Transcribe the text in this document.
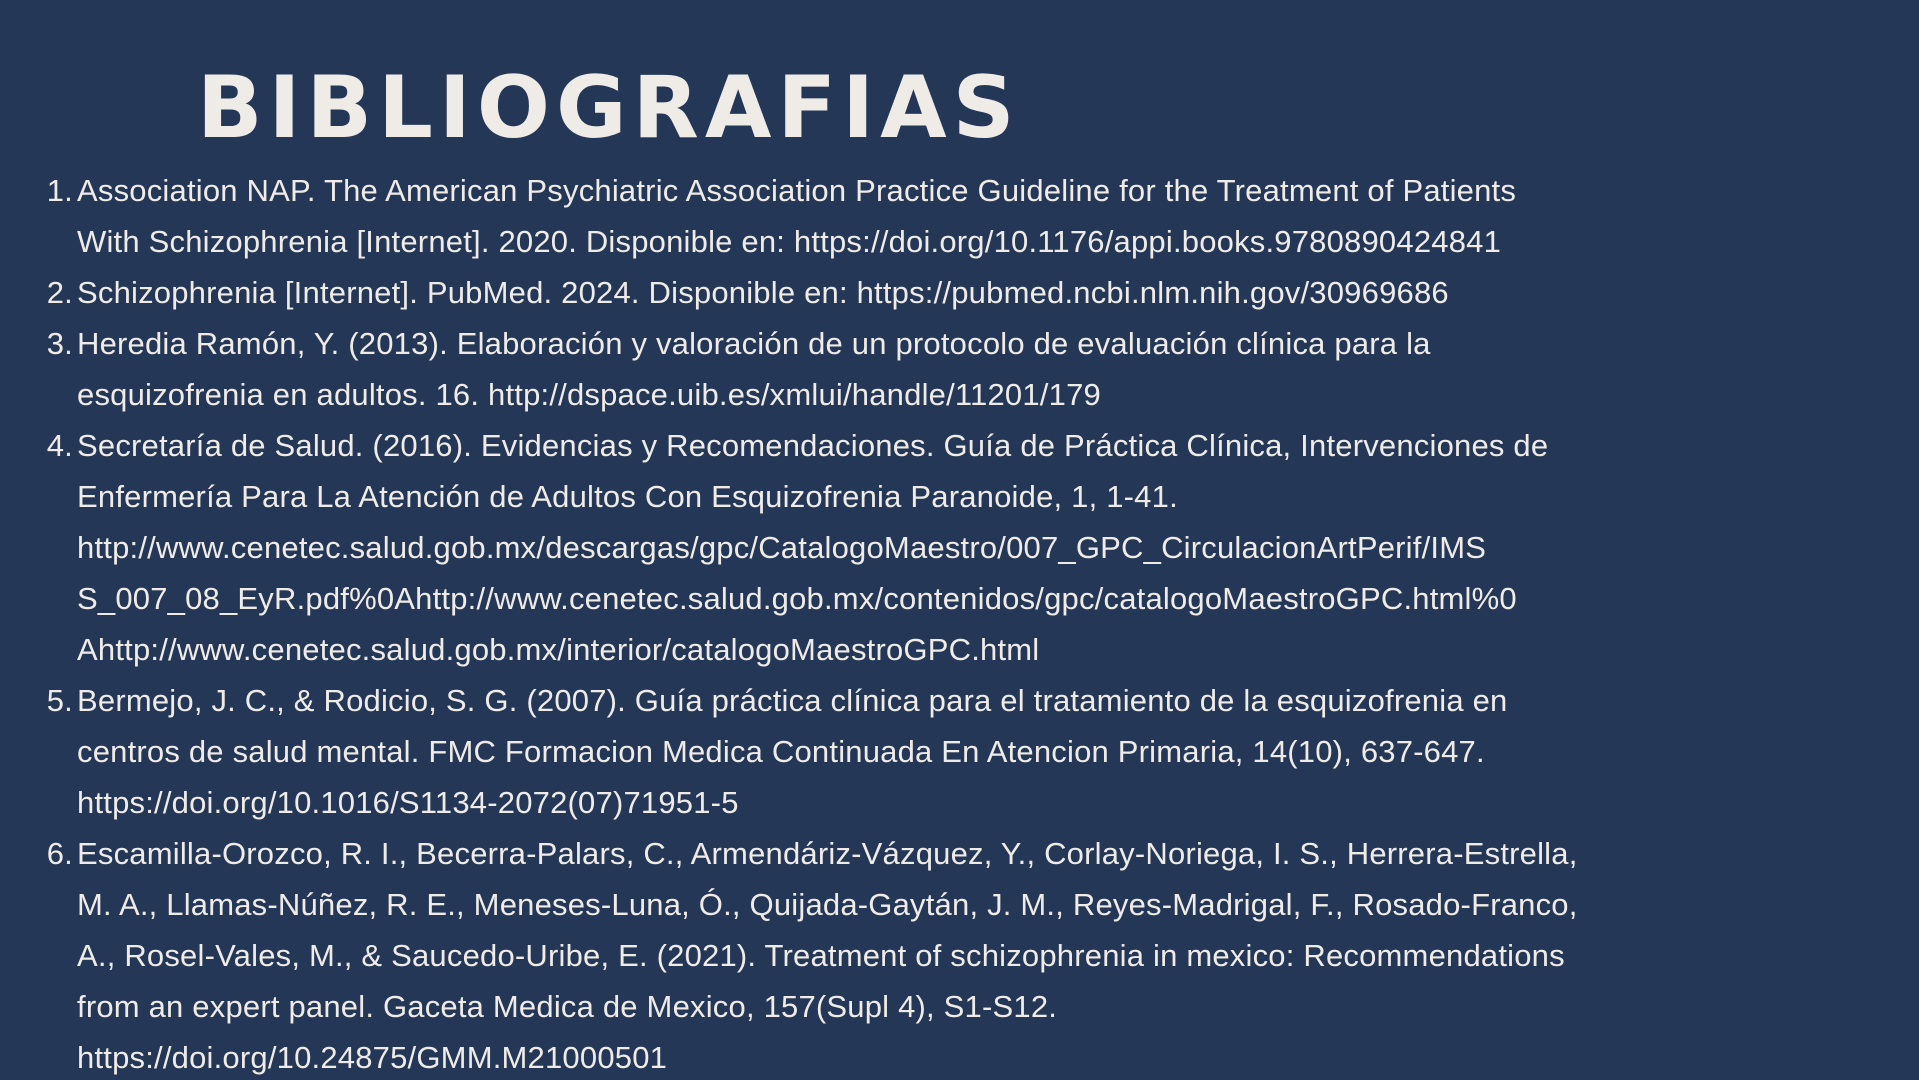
BIBLIOGRAFIAS
1. Association NAP. The American Psychiatric Association Practice Guideline for the Treatment of Patients
With Schizophrenia [Internet]. 2020. Disponible en: https://doi.org/10.1176/appi.books.9780890424841
2. Schizophrenia [Internet]. PubMed. 2024. Disponible en: https://pubmed.ncbi.nlm.nih.gov/30969686
3. Heredia Ramón, Y. (2013). Elaboración y valoración de un protocolo de evaluación clínica para la
esquizofrenia en adultos. 16. http://dspace.uib.es/xmlui/handle/11201/179
4. Secretaría de Salud. (2016). Evidencias y Recomendaciones. Guía de Práctica Clínica, Intervenciones de
Enfermería Para La Atención de Adultos Con Esquizofrenia Paranoide, 1, 1-41.
http://www.cenetec.salud.gob.mx/descargas/gpc/CatalogoMaestro/007_GPC_CirculacionArtPerif/IMS
S_007_08_EyR.pdf%0Ahttp://www.cenetec.salud.gob.mx/contenidos/gpc/catalogoMaestroGPC.html%0
Ahttp://www.cenetec.salud.gob.mx/interior/catalogoMaestroGPC.html
5. Bermejo, J. C., & Rodicio, S. G. (2007). Guía práctica clínica para el tratamiento de la esquizofrenia en
centros de salud mental. FMC Formacion Medica Continuada En Atencion Primaria, 14(10), 637-647.
https://doi.org/10.1016/S1134-2072(07)71951-5
6. Escamilla-Orozco, R. I., Becerra-Palars, C., Armendáriz-Vázquez, Y., Corlay-Noriega, I. S., Herrera-Estrella,
M. A., Llamas-Núñez, R. E., Meneses-Luna, Ó., Quijada-Gaytán, J. M., Reyes-Madrigal, F., Rosado-Franco,
A., Rosel-Vales, M., & Saucedo-Uribe, E. (2021). Treatment of schizophrenia in mexico: Recommendations
from an expert panel. Gaceta Medica de Mexico, 157(Supl 4), S1-S12.
https://doi.org/10.24875/GMM.M21000501
